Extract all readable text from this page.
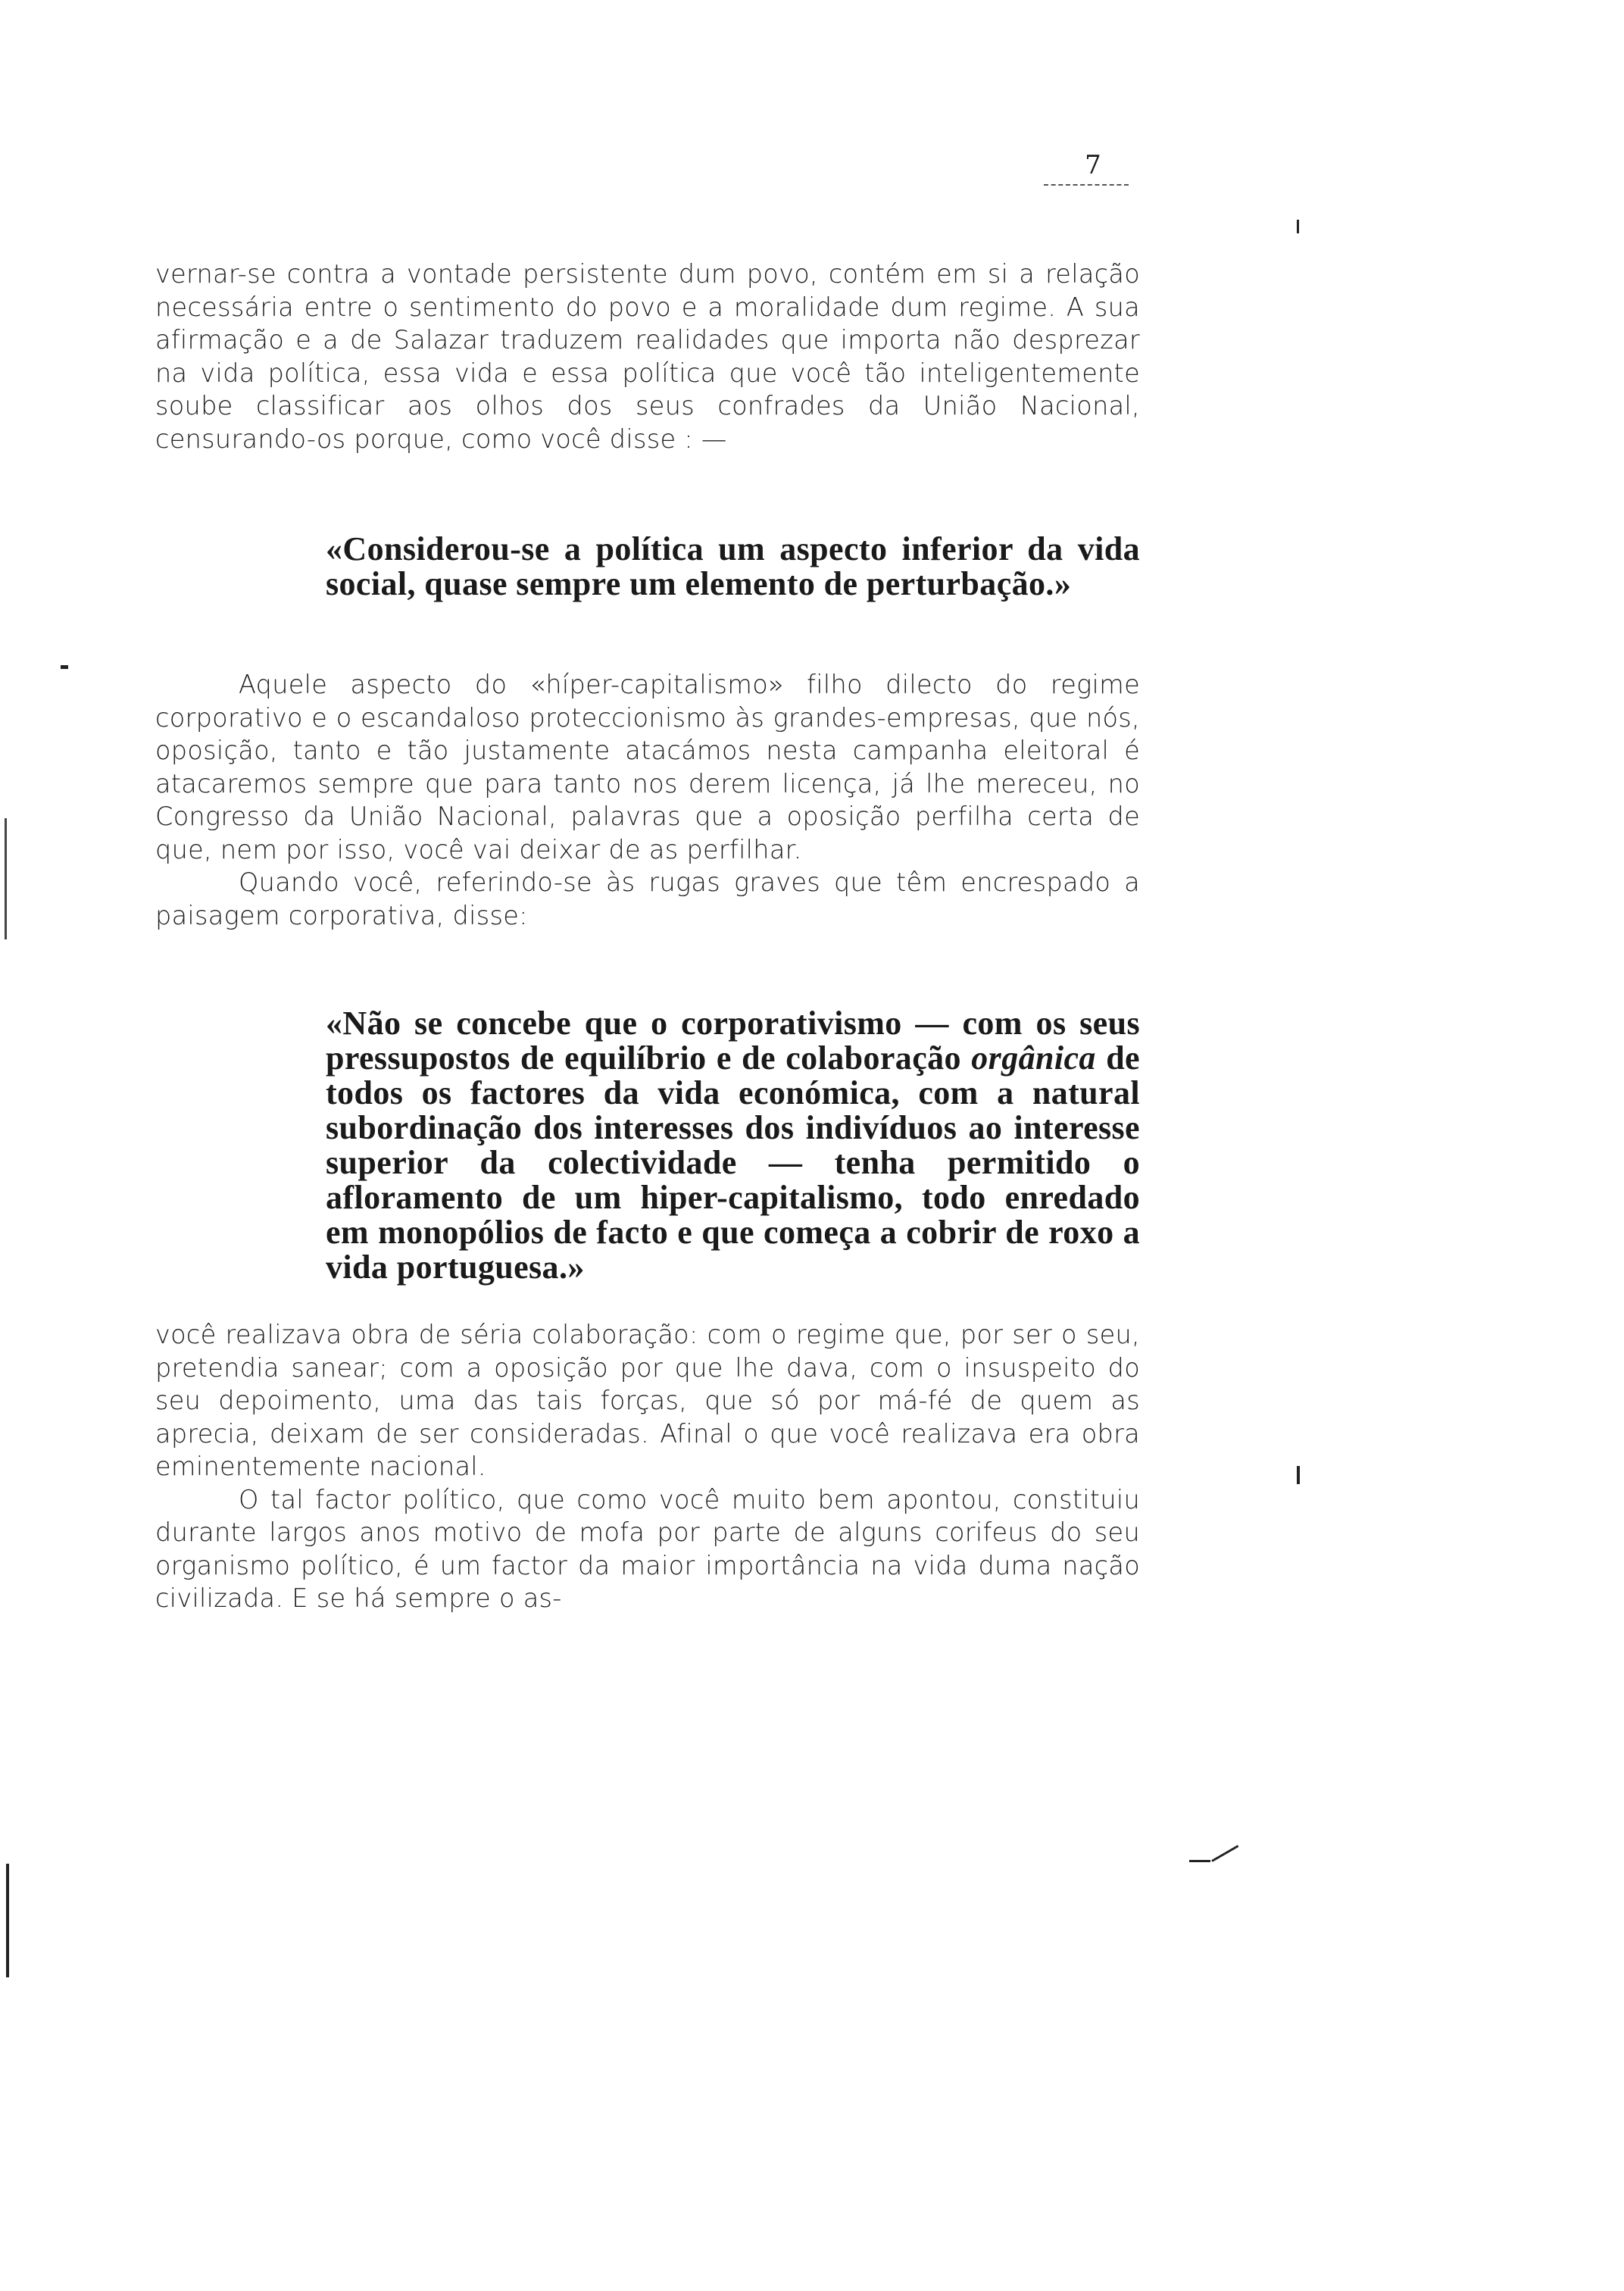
7

vernar-se contra a vontade persistente dum povo, contém em si a relação necessária entre o sentimento do povo e a moralidade dum regime. A sua afirmação e a de Salazar traduzem realidades que importa não desprezar na vida política, essa vida e essa política que você tão inteligentemente soube classificar aos olhos dos seus confrades da União Nacional, censurando-os porque, como você disse : —

«Considerou-se a política um aspecto inferior da vida social, quase sempre um elemento de perturbação.»

Aquele aspecto do «híper-capitalismo» filho dilecto do regime corporativo e o escandaloso proteccionismo às grandes-empresas, que nós, oposição, tanto e tão justamente atacámos nesta campanha eleitoral é atacaremos sempre que para tanto nos derem licença, já lhe mereceu, no Congresso da União Nacional, palavras que a oposição perfilha certa de que, nem por isso, você vai deixar de as perfilhar.

Quando você, referindo-se às rugas graves que têm encrespado a paisagem corporativa, disse:

«Não se concebe que o corporativismo — com os seus pressupostos de equilíbrio e de colaboração orgânica de todos os factores da vida económica, com a natural subordinação dos interesses dos indivíduos ao interesse superior da colectividade — tenha permitido o afloramento de um hiper-capitalismo, todo enredado em monopólios de facto e que começa a cobrir de roxo a vida portuguesa.»

você realizava obra de séria colaboração: com o regime que, por ser o seu, pretendia sanear; com a oposição por que lhe dava, com o insuspeito do seu depoimento, uma das tais forças, que só por má-fé de quem as aprecia, deixam de ser consideradas. Afinal o que você realizava era obra eminentemente nacional.

O tal factor político, que como você muito bem apontou, constituiu durante largos anos motivo de mofa por parte de alguns corifeus do seu organismo político, é um factor da maior importância na vida duma nação civilizada. E se há sempre o as-
